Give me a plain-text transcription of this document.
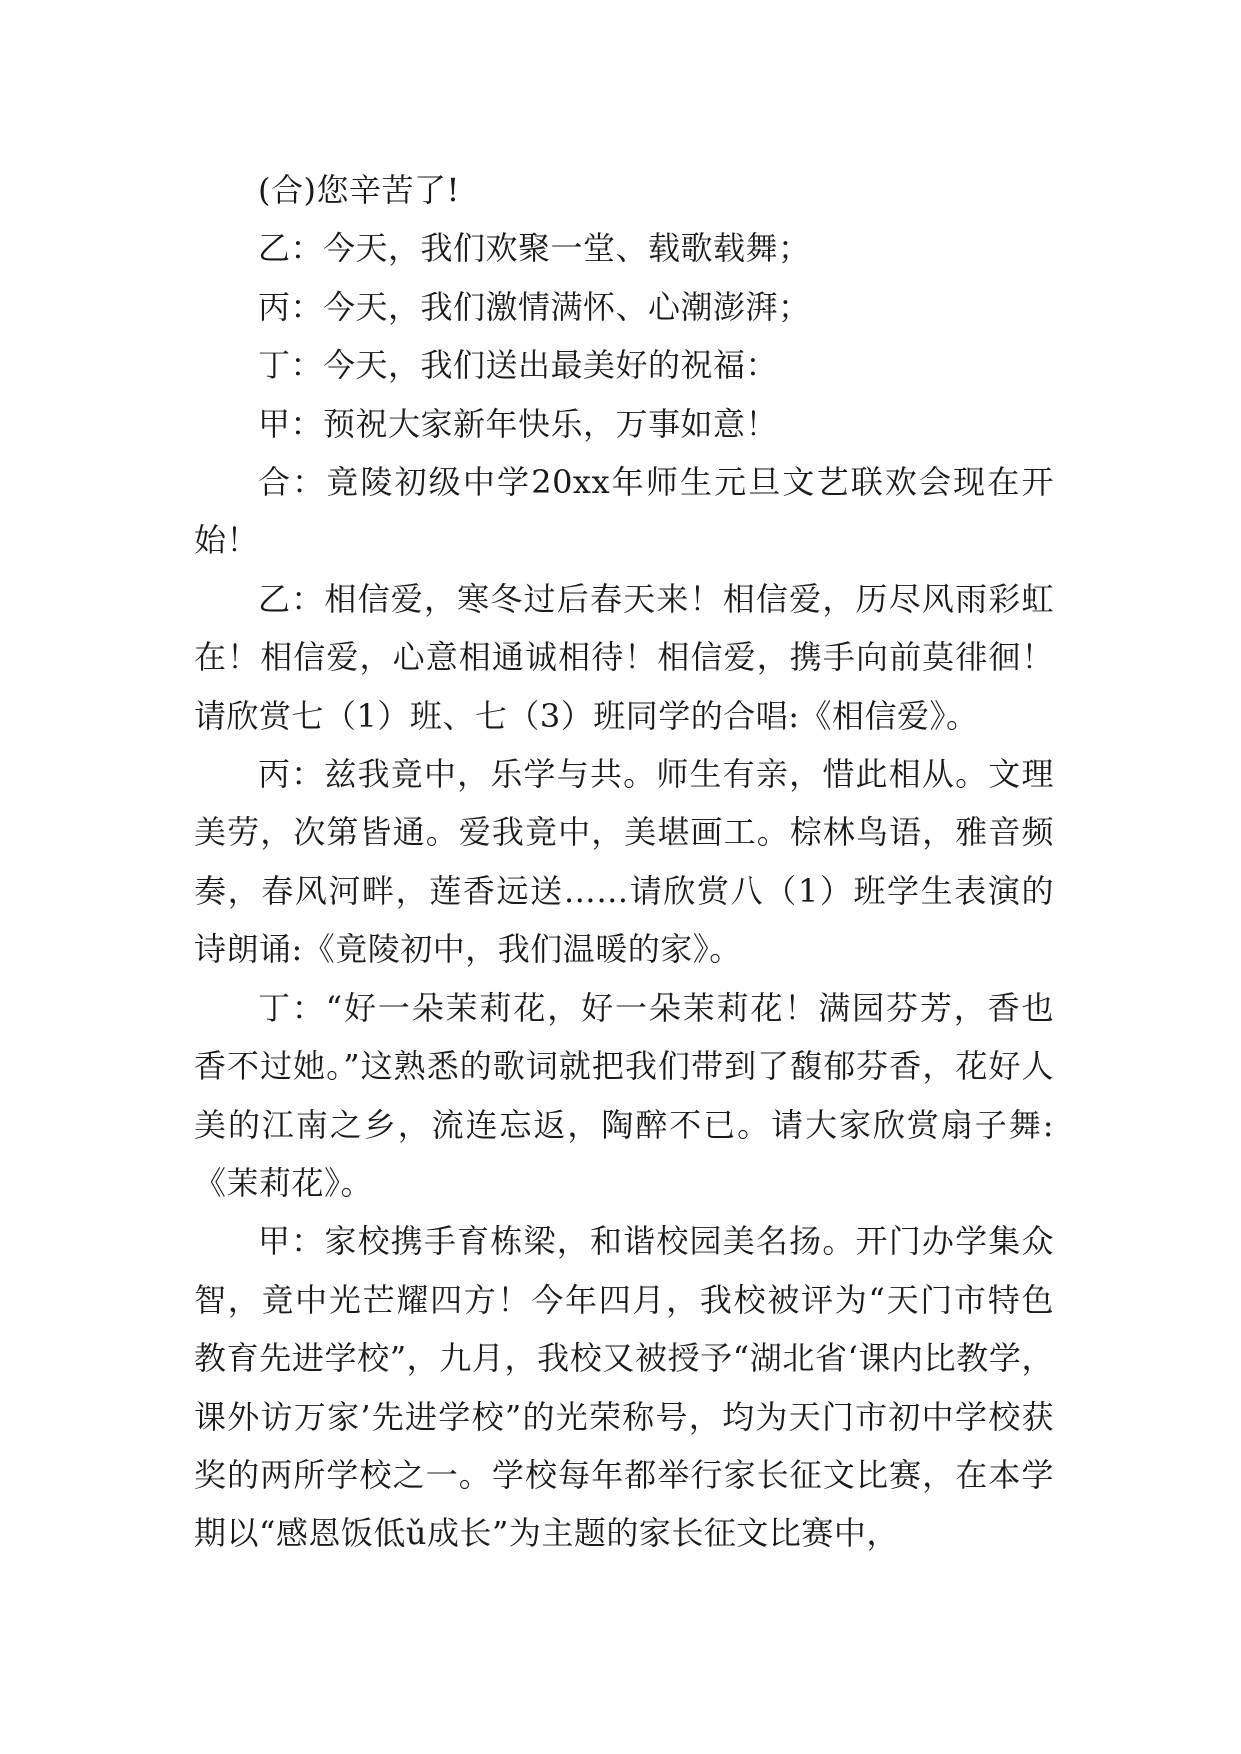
(合)您辛苦了!

乙：今天，我们欢聚一堂、载歌载舞；

丙：今天，我们激情满怀、心潮澎湃；

丁：今天，我们送出最美好的祝福：

甲：预祝大家新年快乐，万事如意！

合：竟陵初级中学20xx年师生元旦文艺联欢会现在开始！

乙：相信爱，寒冬过后春天来！相信爱，历尽风雨彩虹在！相信爱，心意相通诚相待！相信爱，携手向前莫徘徊！请欣赏七（1）班、七（3）班同学的合唱:《相信爱》。

丙：兹我竟中，乐学与共。师生有亲，惜此相从。文理美劳，次第皆通。爱我竟中，美堪画工。棕林鸟语，雅音频奏，春风河畔，莲香远送……请欣赏八（1）班学生表演的诗朗诵:《竟陵初中，我们温暖的家》。

丁：“好一朵茉莉花，好一朵茉莉花！满园芬芳，香也香不过她。”这熟悉的歌词就把我们带到了馥郁芬香，花好人美的江南之乡，流连忘返，陶醉不已。请大家欣赏扇子舞:《茉莉花》。

甲：家校携手育栋梁，和谐校园美名扬。开门办学集众智，竟中光芒耀四方！今年四月，我校被评为“天门市特色教育先进学校”，九月，我校又被授予“湖北省‘课内比教学，课外访万家’先进学校”的光荣称号，均为天门市初中学校获奖的两所学校之一。学校每年都举行家长征文比赛，在本学期以“感恩饭低ǔ成长”为主题的家长征文比赛中，
